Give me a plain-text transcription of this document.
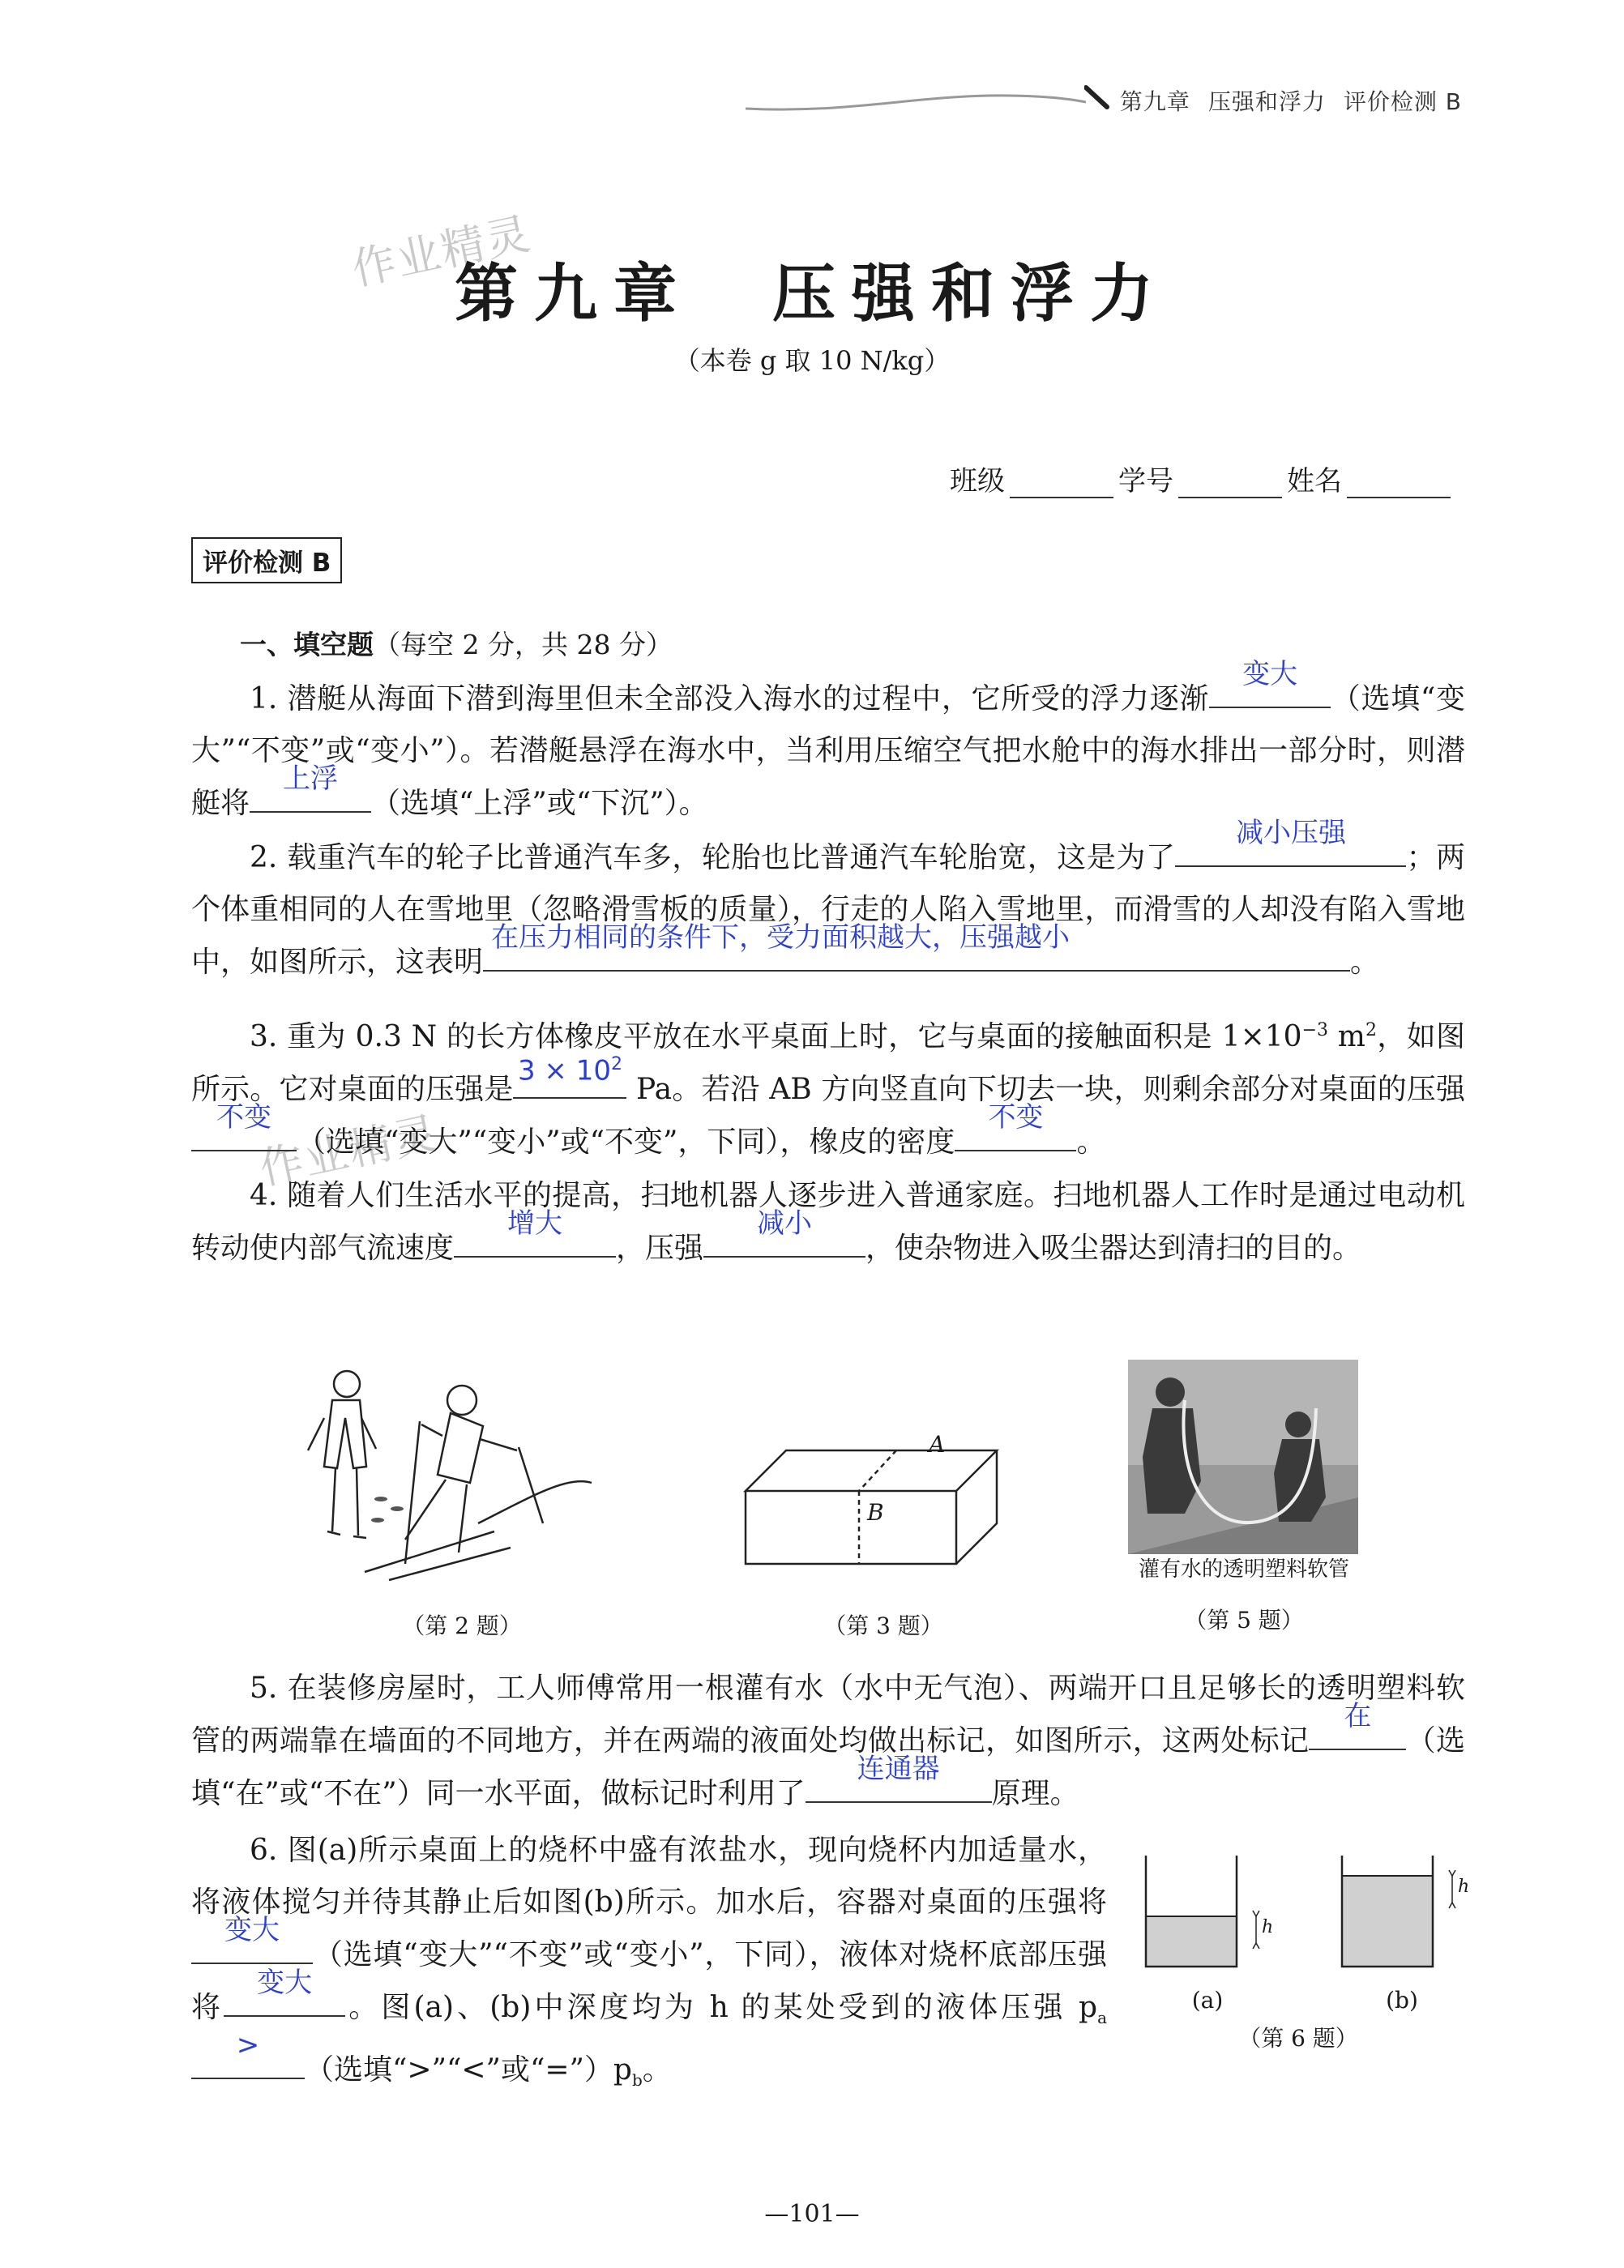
第九章 压强和浮力 评价检测 B
作业精灵
作业精灵
第九章　压强和浮力
（本卷 g 取 10 N/kg）
班级	学号	姓名
评价检测 B
一、填空题（每空 2 分，共 28 分）
1. 潜艇从海面下潜到海里但未全部没入海水的过程中，它所受的浮力逐渐
变大
（选填“变大”“不变”或“变小”）。若潜艇悬浮在海水中，当利用压缩空气把水舱中的海水排出一部分时，则潜艇将
上浮
（选填“上浮”或“下沉”）。
2. 载重汽车的轮子比普通汽车多，轮胎也比普通汽车轮胎宽，这是为了
减小压强
；两个体重相同的人在雪地里（忽略滑雪板的质量），行走的人陷入雪地里，而滑雪的人却没有陷入雪地中，如图所示，这表明
在压力相同的条件下，受力面积越大，压强越小
。
3. 重为 0.3 N 的长方体橡皮平放在水平桌面上时，它与桌面的接触面积是 $1\times 10^{-3}$ $m^2$，如图所示。它对桌面的压强是
$3 \times 10^2$
Pa。若沿 AB 方向竖直向下切去一块，则剩余部分对桌面的压强
不变
（选填“变大”“变小”或“不变”，下同），橡皮的密度
不变
。
4. 随着人们生活水平的提高，扫地机器人逐步进入普通家庭。扫地机器人工作时是通过电动机转动使内部气流速度
增大
，压强
减小
，使杂物进入吸尘器达到清扫的目的。
（第 2 题）
A
B
（第 3 题）
灌有水的透明塑料软管
（第 5 题）
5. 在装修房屋时，工人师傅常用一根灌有水（水中无气泡）、两端开口且足够长的透明塑料软管的两端靠在墙面的不同地方，并在两端的液面处均做出标记，如图所示，这两处标记
在
（选填“在”或“不在”）同一水平面，做标记时利用了
连通器
原理。
6. 图(a)所示桌面上的烧杯中盛有浓盐水，现向烧杯内加适量水，将液体搅匀并待其静止后如图(b)所示。加水后，容器对桌面的压强将
变大
（选填“变大”“不变”或“变小”，下同），液体对烧杯底部压强将
变大
。图(a)、(b)中深度均为 h 的某处受到的液体压强 $p_a$
>
（选填“>”“<”或“$=”)p_b$。
h
h
(a)	(b)
（第 6 题）
—101—
